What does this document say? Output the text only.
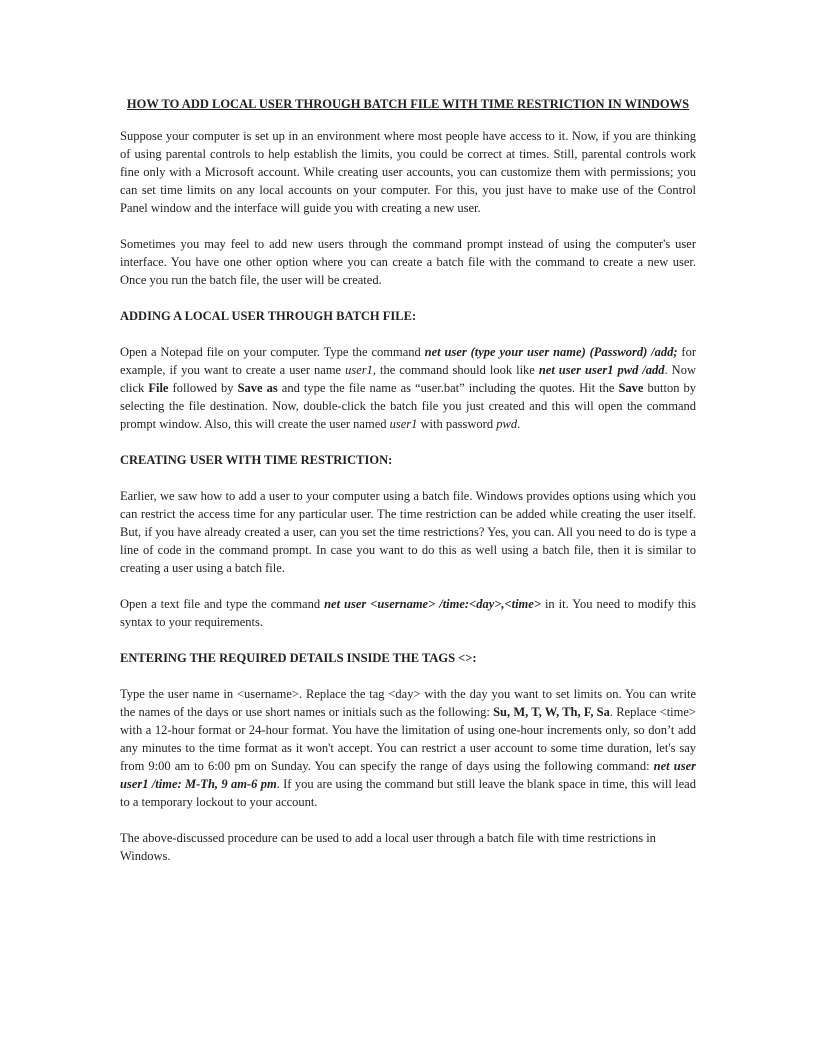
HOW TO ADD LOCAL USER THROUGH BATCH FILE WITH TIME RESTRICTION IN WINDOWS

Suppose your computer is set up in an environment where most people have access to it. Now, if you are thinking of using parental controls to help establish the limits, you could be correct at times. Still, parental controls work fine only with a Microsoft account. While creating user accounts, you can customize them with permissions; you can set time limits on any local accounts on your computer. For this, you just have to make use of the Control Panel window and the interface will guide you with creating a new user.

Sometimes you may feel to add new users through the command prompt instead of using the computer's user interface. You have one other option where you can create a batch file with the command to create a new user. Once you run the batch file, the user will be created.

ADDING A LOCAL USER THROUGH BATCH FILE:

Open a Notepad file on your computer. Type the command net user (type your user name) (Password) /add; for example, if you want to create a user name user1, the command should look like net user user1 pwd /add. Now click File followed by Save as and type the file name as “user.bat” including the quotes. Hit the Save button by selecting the file destination. Now, double-click the batch file you just created and this will open the command prompt window. Also, this will create the user named user1 with password pwd.

CREATING USER WITH TIME RESTRICTION:

Earlier, we saw how to add a user to your computer using a batch file. Windows provides options using which you can restrict the access time for any particular user. The time restriction can be added while creating the user itself. But, if you have already created a user, can you set the time restrictions? Yes, you can. All you need to do is type a line of code in the command prompt. In case you want to do this as well using a batch file, then it is similar to creating a user using a batch file.

Open a text file and type the command net user <username> /time:<day>,<time> in it. You need to modify this syntax to your requirements.

ENTERING THE REQUIRED DETAILS INSIDE THE TAGS <>:

Type the user name in <username>. Replace the tag <day> with the day you want to set limits on. You can write the names of the days or use short names or initials such as the following: Su, M, T, W, Th, F, Sa. Replace <time> with a 12-hour format or 24-hour format. You have the limitation of using one-hour increments only, so don’t add any minutes to the time format as it won't accept. You can restrict a user account to some time duration, let's say from 9:00 am to 6:00 pm on Sunday. You can specify the range of days using the following command: net user user1 /time: M-Th, 9 am-6 pm. If you are using the command but still leave the blank space in time, this will lead to a temporary lockout to your account.

The above-discussed procedure can be used to add a local user through a batch file with time restrictions in Windows.
